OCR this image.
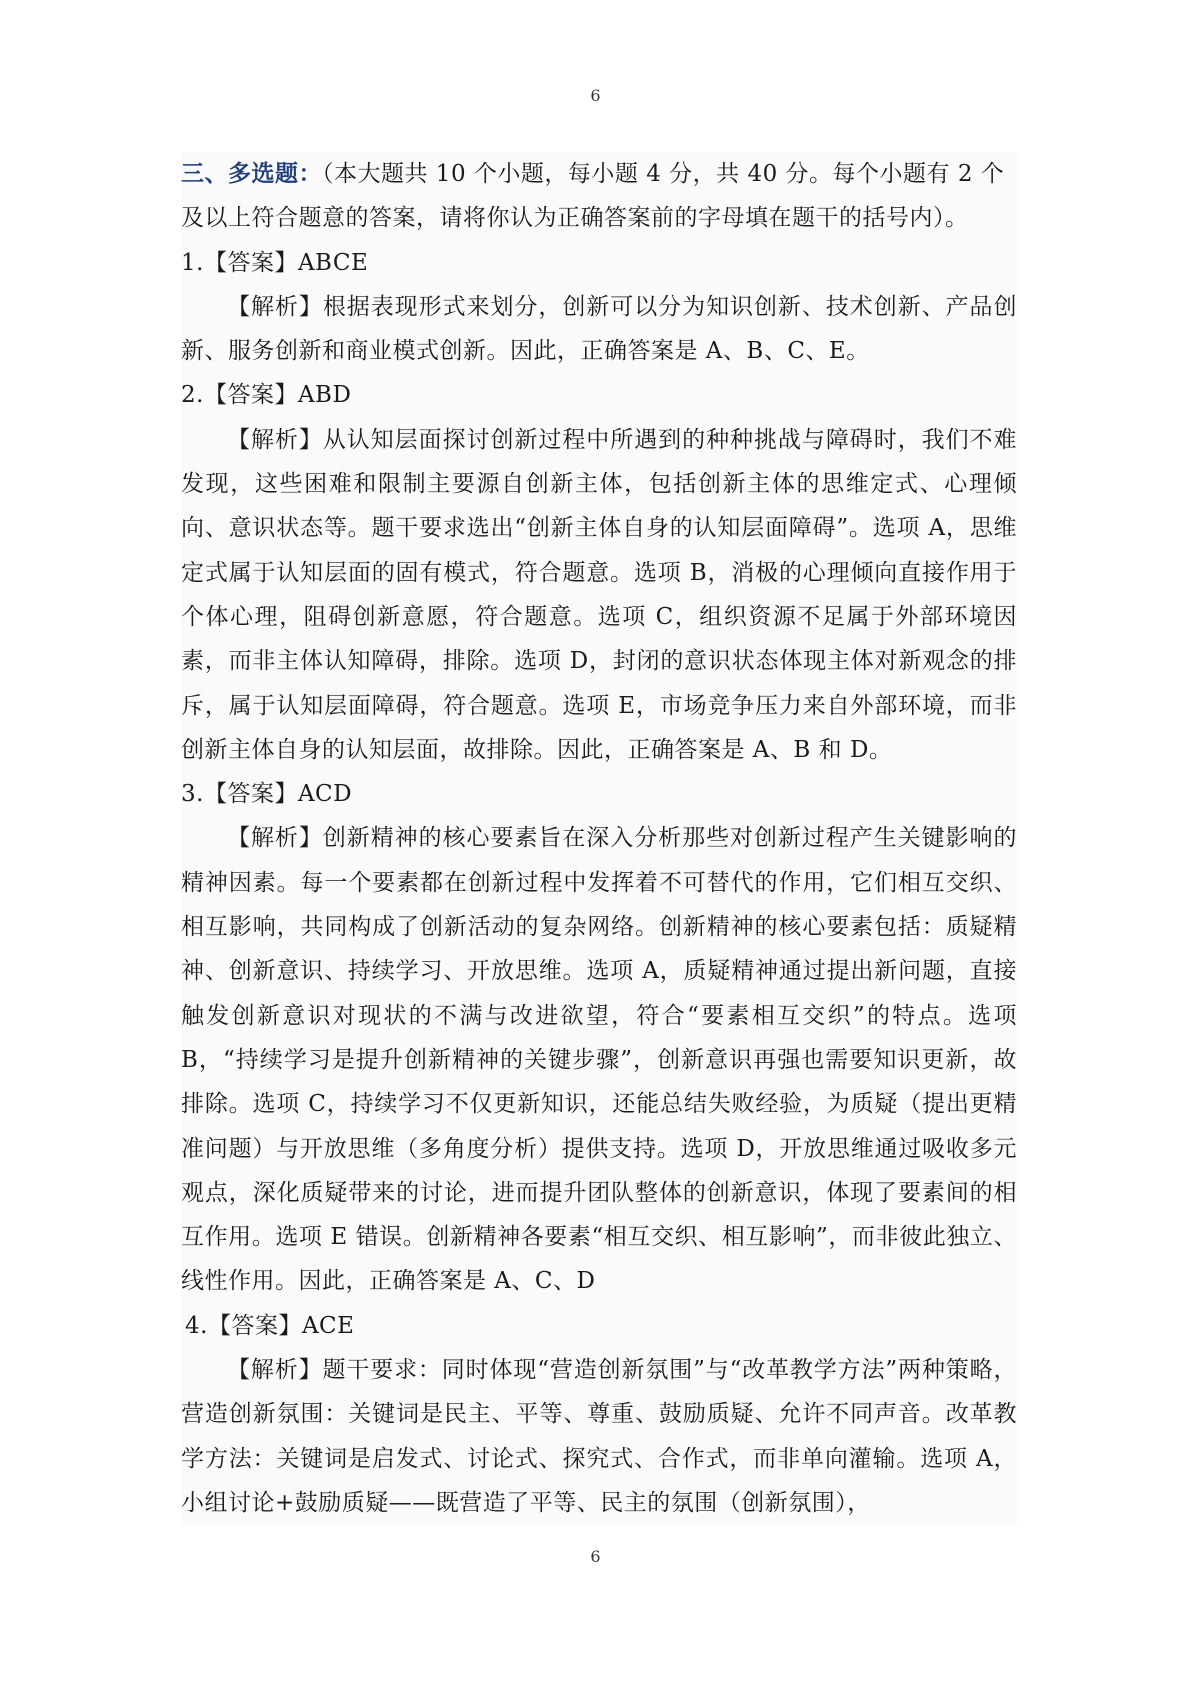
6

三、多选题：（本大题共 10 个小题，每小题 4 分，共 40 分。每个小题有 2 个及以上符合题意的答案，请将你认为正确答案前的字母填在题干的括号内）。

1.【答案】ABCE

【解析】根据表现形式来划分，创新可以分为知识创新、技术创新、产品创新、服务创新和商业模式创新。因此，正确答案是 A、B、C、E。

2.【答案】ABD

【解析】从认知层面探讨创新过程中所遇到的种种挑战与障碍时，我们不难发现，这些困难和限制主要源自创新主体，包括创新主体的思维定式、心理倾向、意识状态等。题干要求选出“创新主体自身的认知层面障碍”。选项 A，思维定式属于认知层面的固有模式，符合题意。选项 B，消极的心理倾向直接作用于个体心理，阻碍创新意愿，符合题意。选项 C，组织资源不足属于外部环境因素，而非主体认知障碍，排除。选项 D，封闭的意识状态体现主体对新观念的排斥，属于认知层面障碍，符合题意。选项 E，市场竞争压力来自外部环境，而非创新主体自身的认知层面，故排除。因此，正确答案是 A、B 和 D。

3.【答案】ACD

【解析】创新精神的核心要素旨在深入分析那些对创新过程产生关键影响的精神因素。每一个要素都在创新过程中发挥着不可替代的作用，它们相互交织、相互影响，共同构成了创新活动的复杂网络。创新精神的核心要素包括：质疑精神、创新意识、持续学习、开放思维。选项 A，质疑精神通过提出新问题，直接触发创新意识对现状的不满与改进欲望，符合“要素相互交织”的特点。选项 B，“持续学习是提升创新精神的关键步骤”，创新意识再强也需要知识更新，故排除。选项 C，持续学习不仅更新知识，还能总结失败经验，为质疑（提出更精准问题）与开放思维（多角度分析）提供支持。选项 D，开放思维通过吸收多元观点，深化质疑带来的讨论，进而提升团队整体的创新意识，体现了要素间的相互作用。选项 E 错误。创新精神各要素“相互交织、相互影响”，而非彼此独立、线性作用。因此，正确答案是 A、C、D

4.【答案】ACE

【解析】题干要求：同时体现“营造创新氛围”与“改革教学方法”两种策略，营造创新氛围：关键词是民主、平等、尊重、鼓励质疑、允许不同声音。改革教学方法：关键词是启发式、讨论式、探究式、合作式，而非单向灌输。选项 A， 小组讨论+鼓励质疑——既营造了平等、民主的氛围（创新氛围），

6
